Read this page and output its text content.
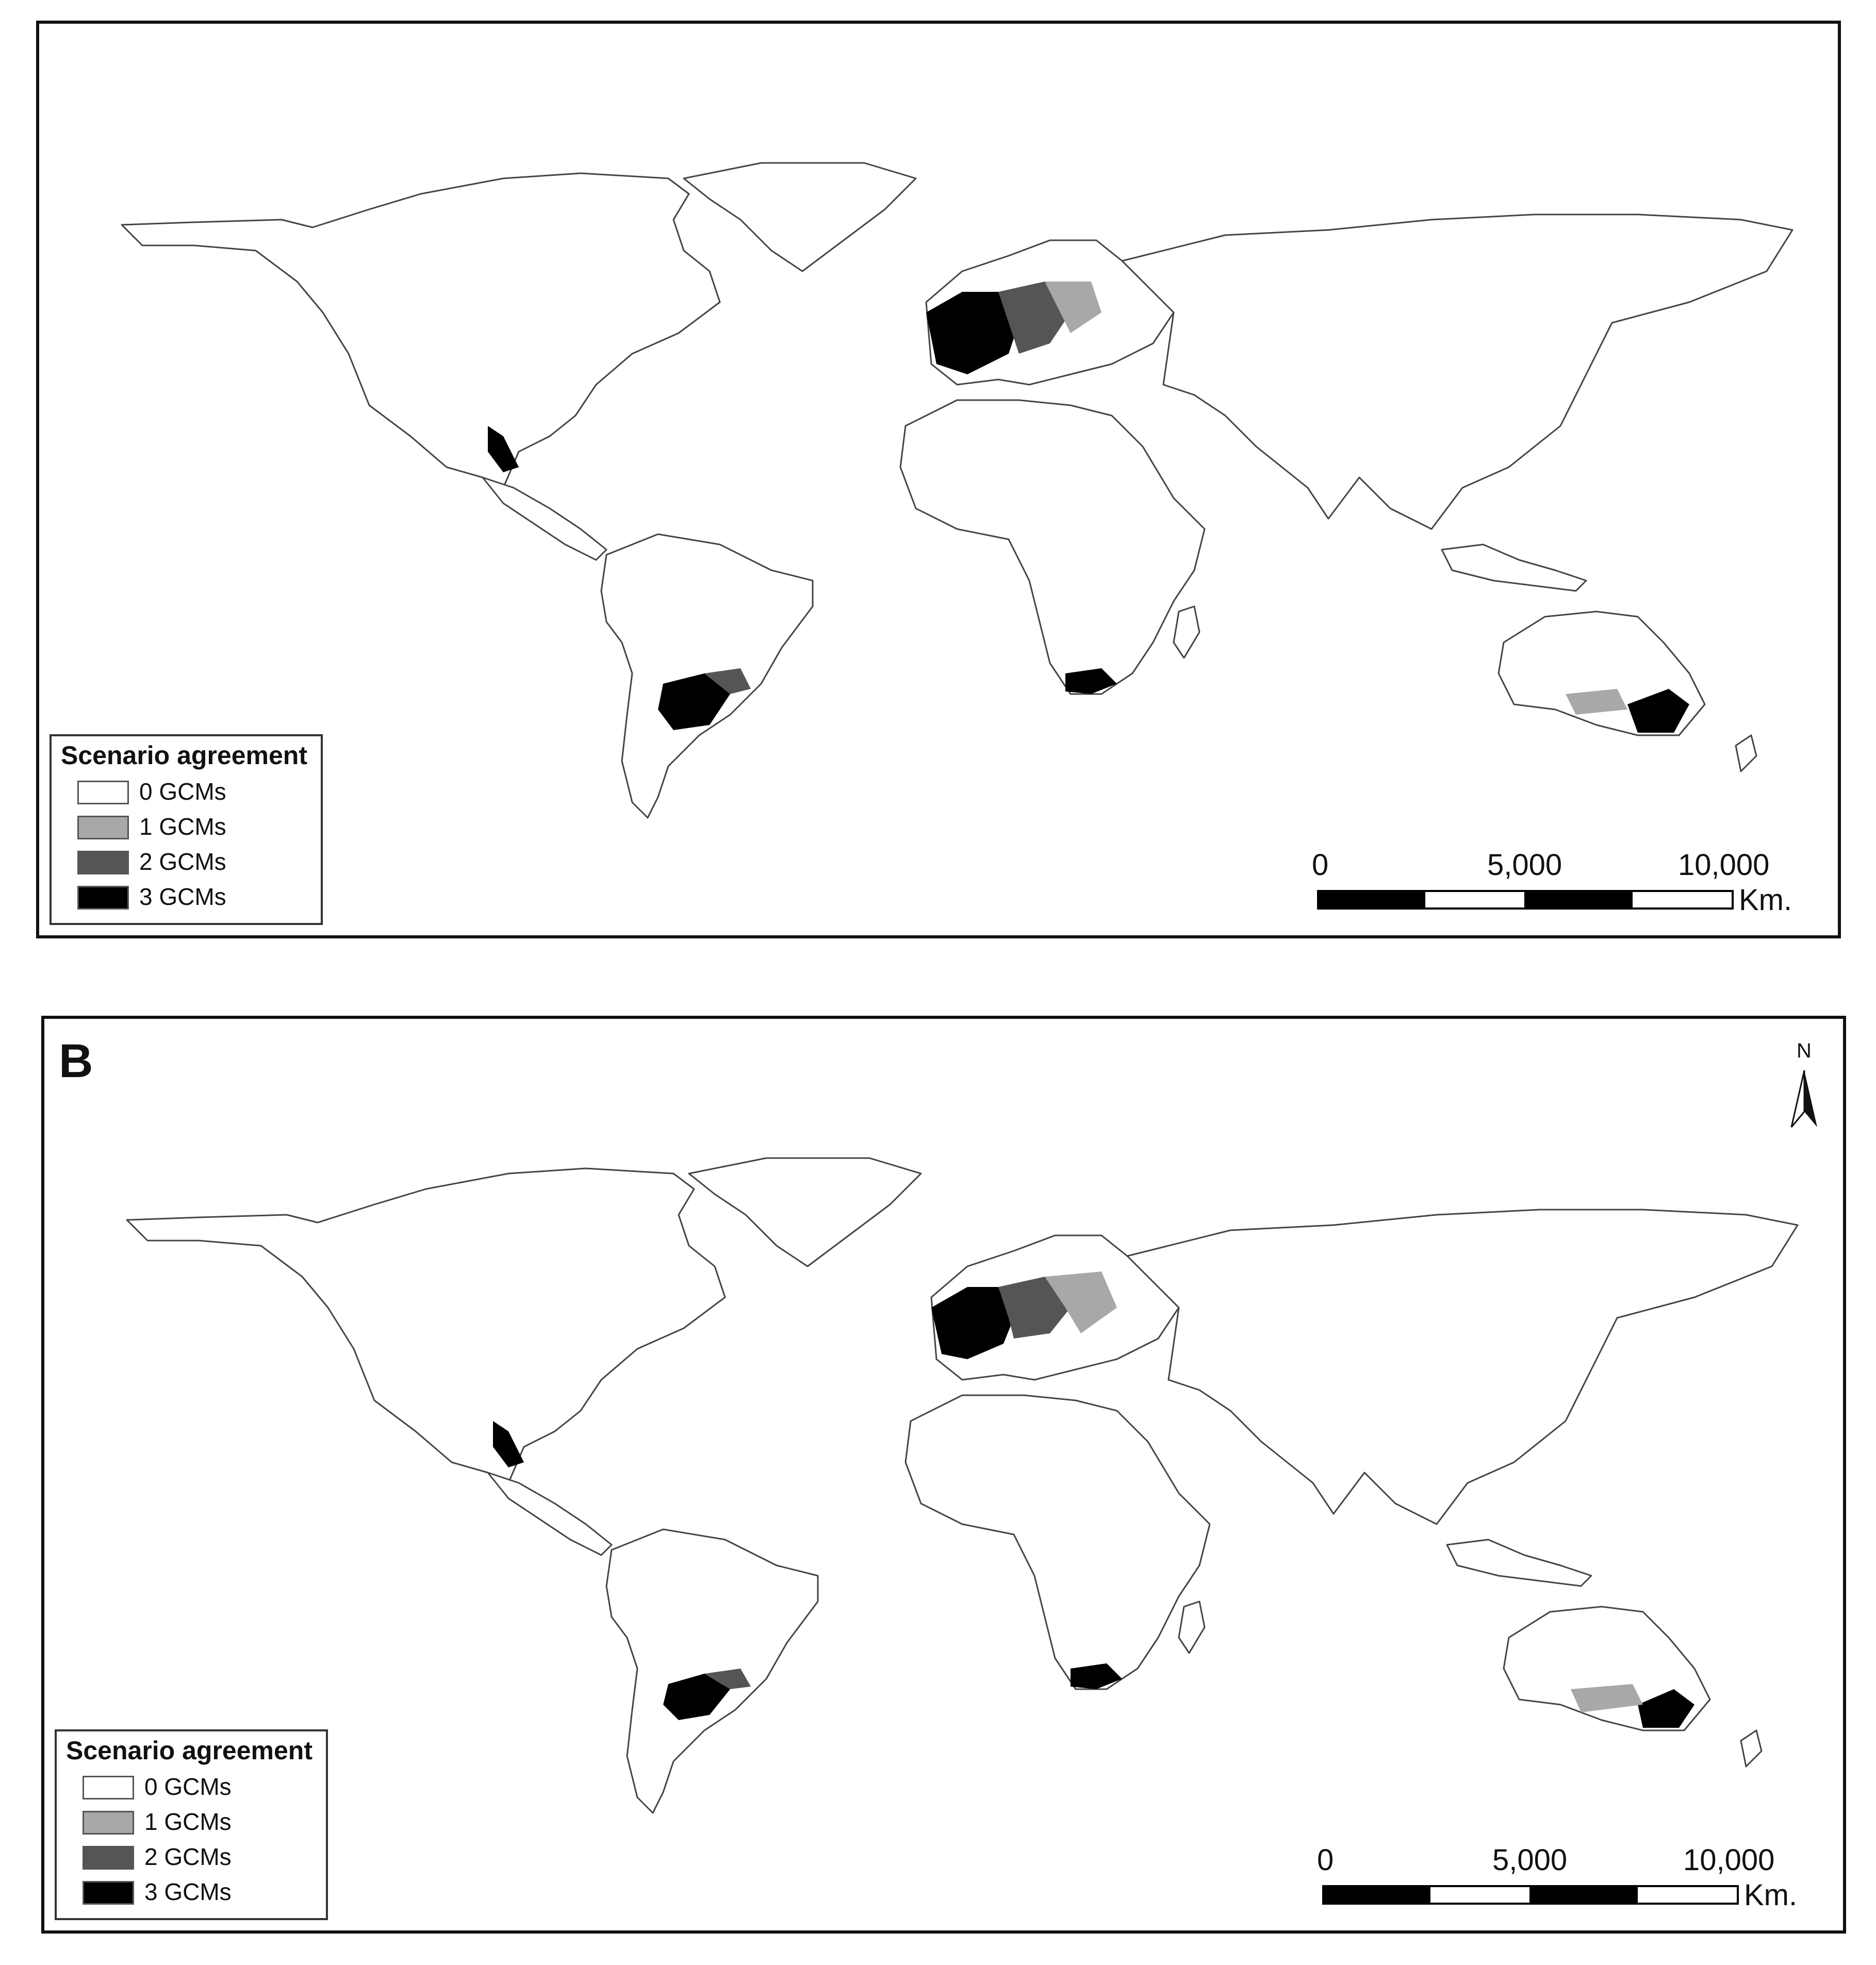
Scenario agreement
0 GCMs
1 GCMs
2 GCMs
3 GCMs
0	5,000	10,000
Km.
B	N
Scenario agreement
0 GCMs
1 GCMs
2 GCMs
3 GCMs
0	5,000	10,000
Km.
